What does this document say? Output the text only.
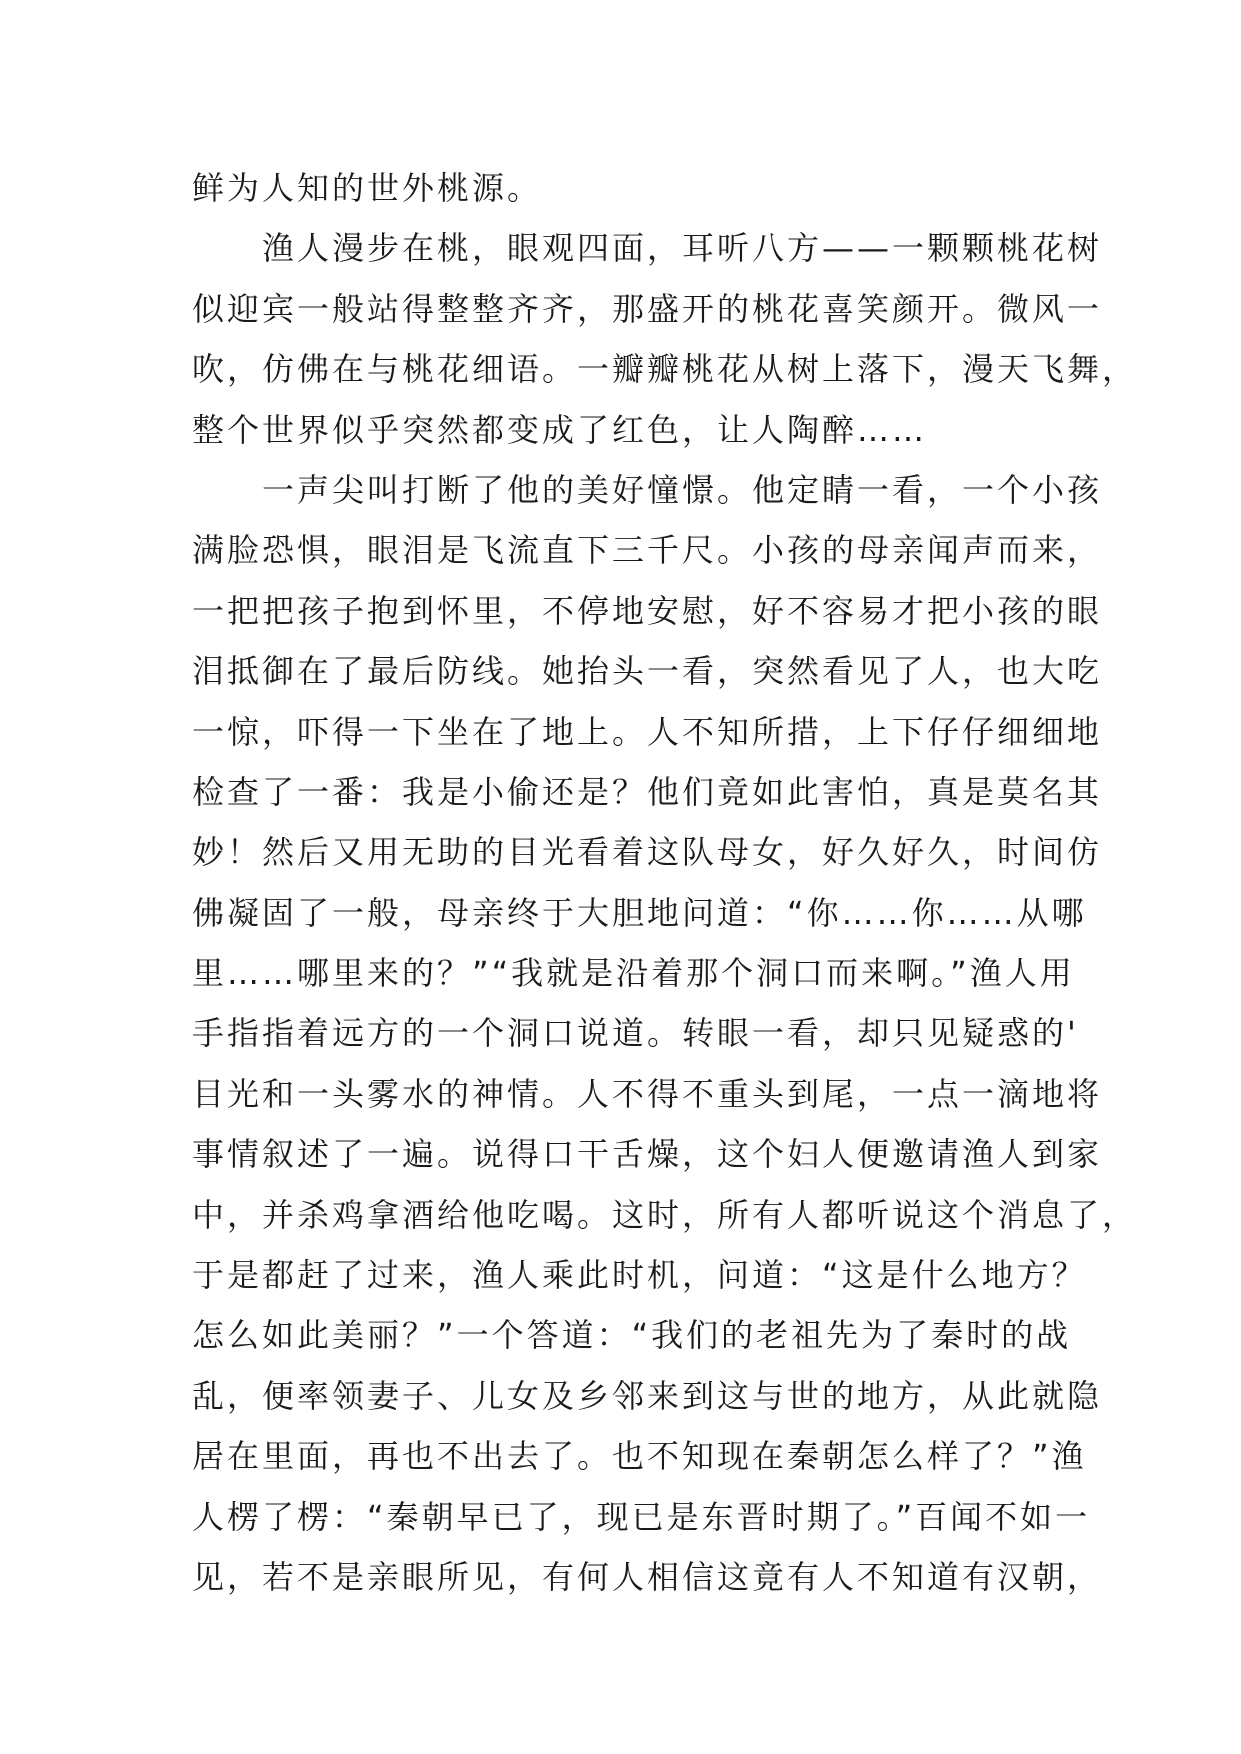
鲜为人知的世外桃源。
渔人漫步在桃，眼观四面，耳听八方——一颗颗桃花树
似迎宾一般站得整整齐齐，那盛开的桃花喜笑颜开。微风一
吹，仿佛在与桃花细语。一瓣瓣桃花从树上落下，漫天飞舞，
整个世界似乎突然都变成了红色，让人陶醉……
一声尖叫打断了他的美好憧憬。他定睛一看，一个小孩
满脸恐惧，眼泪是飞流直下三千尺。小孩的母亲闻声而来，
一把把孩子抱到怀里，不停地安慰，好不容易才把小孩的眼
泪抵御在了最后防线。她抬头一看，突然看见了人，也大吃
一惊，吓得一下坐在了地上。人不知所措，上下仔仔细细地
检查了一番：我是小偷还是？他们竟如此害怕，真是莫名其
妙！然后又用无助的目光看着这队母女，好久好久，时间仿
佛凝固了一般，母亲终于大胆地问道：“你……你……从哪
里……哪里来的？”“我就是沿着那个洞口而来啊。”渔人用
手指指着远方的一个洞口说道。转眼一看，却只见疑惑的'
目光和一头雾水的神情。人不得不重头到尾，一点一滴地将
事情叙述了一遍。说得口干舌燥，这个妇人便邀请渔人到家
中，并杀鸡拿酒给他吃喝。这时，所有人都听说这个消息了，
于是都赶了过来，渔人乘此时机，问道：“这是什么地方？
怎么如此美丽？”一个答道：“我们的老祖先为了秦时的战
乱，便率领妻子、儿女及乡邻来到这与世的地方，从此就隐
居在里面，再也不出去了。也不知现在秦朝怎么样了？”渔
人楞了楞：“秦朝早已了，现已是东晋时期了。”百闻不如一
见，若不是亲眼所见，有何人相信这竟有人不知道有汉朝，
